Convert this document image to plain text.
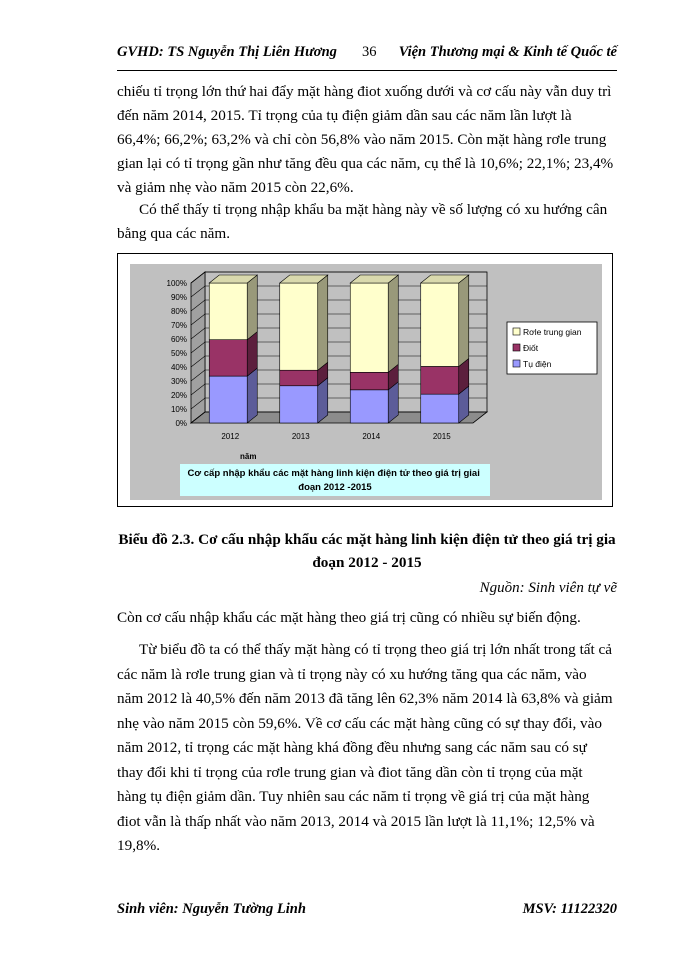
GVHD: TS Nguyễn Thị Liên Hương 36 Viện Thương mại & Kinh tế Quốc tế
chiếu tỉ trọng lớn thứ hai đẩy mặt hàng điot xuống dưới và cơ cấu này vẫn duy trì
đến năm 2014, 2015. Tỉ trọng của tụ điện giảm dần sau các năm lần lượt là
66,4%; 66,2%; 63,2% và chỉ còn 56,8% vào năm 2015. Còn mặt hàng rơle trung
gian lại có tỉ trọng gần như tăng đều qua các năm, cụ thể là 10,6%; 22,1%; 23,4%
và giảm nhẹ vào năm 2015 còn 22,6%.
Có thể thấy tỉ trọng nhập khẩu ba mặt hàng này về số lượng có xu hướng cân
bằng qua các năm.
0%
10%
20%
30%
40%
50%
60%
70%
80%
90%
100%
2012	2013	2014	2015
năm
Rơle trung gian
Điốt
Tụ điện
Cơ cấp nhập khẩu các mặt hàng linh kiện điện tử theo giá trị giai đoạn 2012 -2015
Biểu đồ 2.3. Cơ cấu nhập khẩu các mặt hàng linh kiện điện tử theo giá trị gia đoạn 2012 - 2015
Nguồn: Sinh viên tự vẽ
Còn cơ cấu nhập khẩu các mặt hàng theo giá trị cũng có nhiều sự biến động.
Từ biểu đồ ta có thể thấy mặt hàng có tỉ trọng theo giá trị lớn nhất trong tất cả
các năm là rơle trung gian và tỉ trọng này có xu hướng tăng qua các năm, vào
năm 2012 là 40,5% đến năm 2013 đã tăng lên 62,3% năm 2014 là 63,8% và giảm
nhẹ vào năm 2015 còn 59,6%. Về cơ cấu các mặt hàng cũng có sự thay đổi, vào
năm 2012, tỉ trọng các mặt hàng khá đồng đều nhưng sang các năm sau có sự
thay đổi khi tỉ trọng của rơle trung gian và điot tăng dần còn tỉ trọng của mặt
hàng tụ điện giảm dần. Tuy nhiên sau các năm tỉ trọng về giá trị của mặt hàng
điot vẫn là thấp nhất vào năm 2013, 2014 và 2015 lần lượt là 11,1%; 12,5% và
19,8%.
Sinh viên: Nguyễn Tường Linh	MSV: 11122320
